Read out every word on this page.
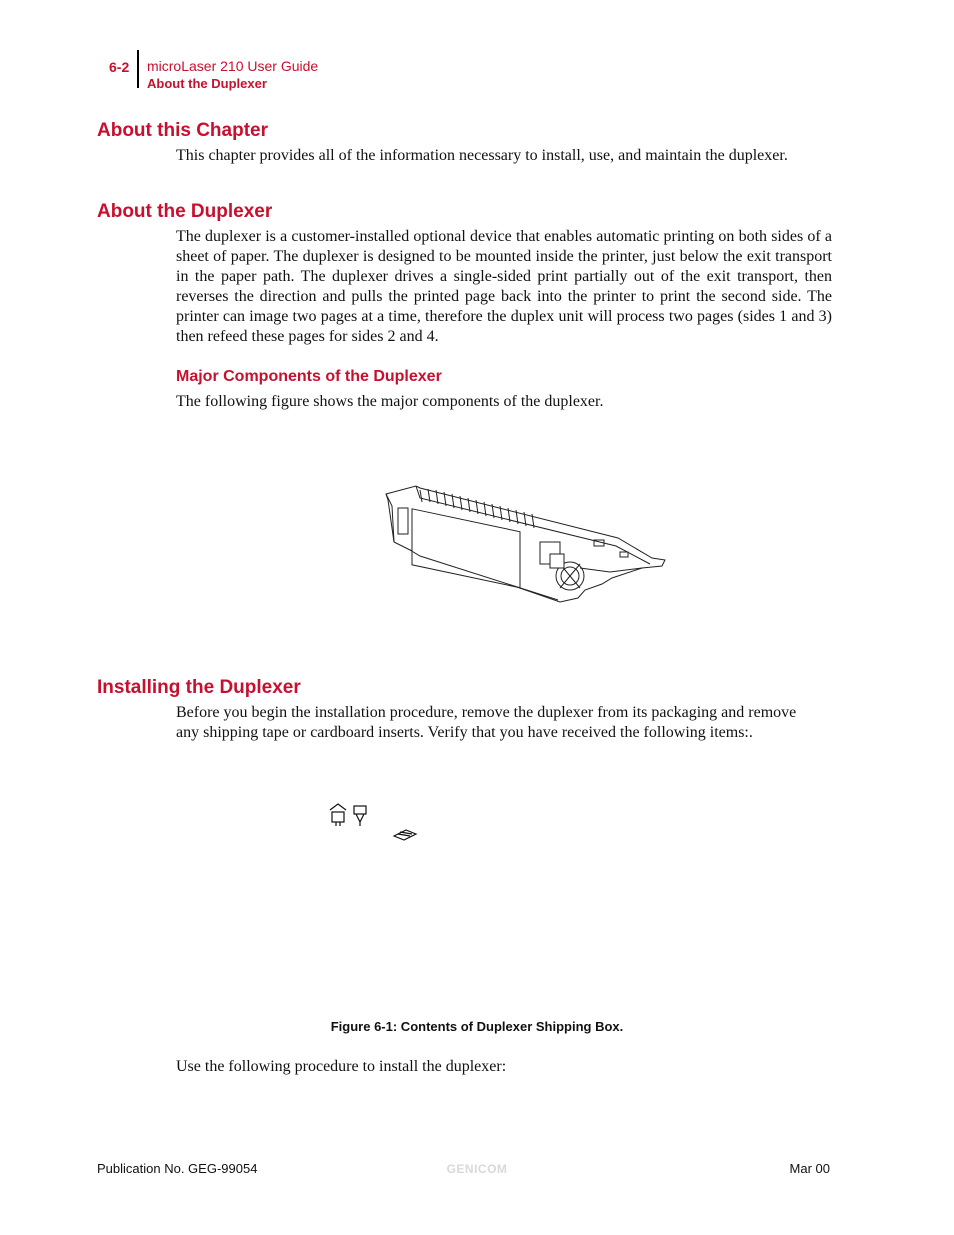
6-2 microLaser 210 User Guide
About the Duplexer
About this Chapter

This chapter provides all of the information necessary to install, use, and maintain the duplexer.

About the Duplexer

The duplexer is a customer-installed optional device that enables automatic printing on both sides of a sheet of paper. The duplexer is designed to be mounted inside the printer, just below the exit transport in the paper path. The duplexer drives a single-sided print partially out of the exit transport, then reverses the direction and pulls the printed page back into the printer to print the second side. The printer can image two pages at a time, therefore the duplex unit will process two pages (sides 1 and 3) then refeed these pages for sides 2 and 4.

Major Components of the Duplexer

The following figure shows the major components of the duplexer.

Installing the Duplexer

Before you begin the installation procedure, remove the duplexer from its packaging and remove any shipping tape or cardboard inserts. Verify that you have received the following items:.

Figure 6-1: Contents of Duplexer Shipping Box.

Use the following procedure to install the duplexer:

Publication No. GEG-99054	GENICOM	Mar 00
